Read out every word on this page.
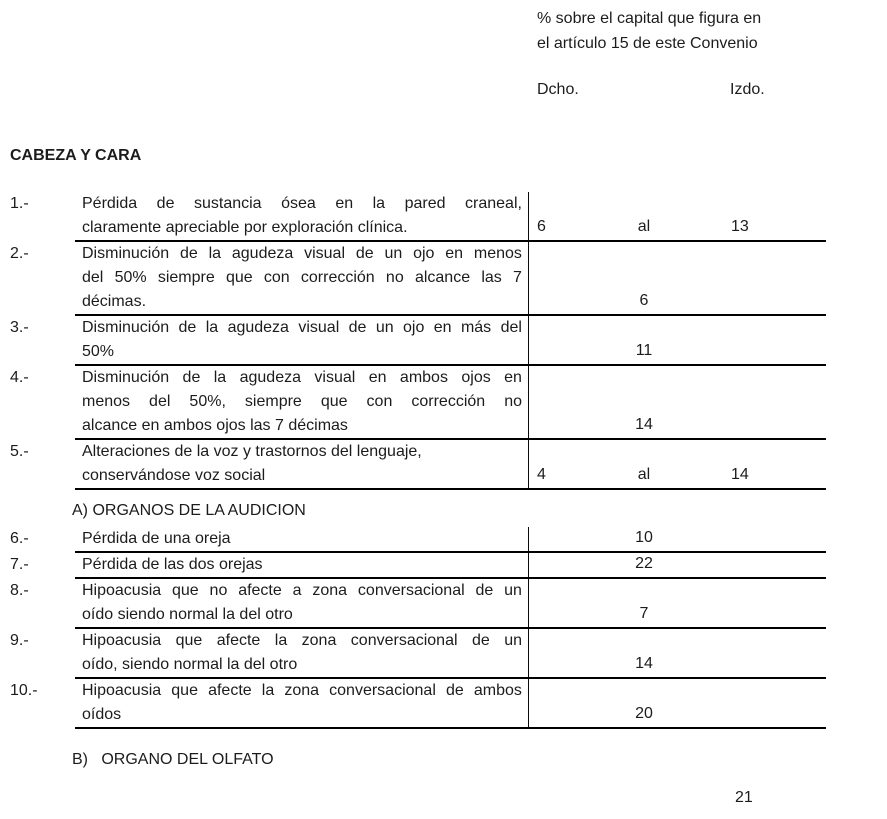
% sobre el capital que figura en
el artículo 15 de este Convenio
Dcho.	Izdo.
CABEZA Y CARA
1.-	Pérdida de sustancia ósea en la pared craneal,
claramente apreciable por exploración clínica.	6	al	13
2.-	Disminución de la agudeza visual de un ojo en menos
del 50% siempre que con corrección no alcance las 7
décimas.	6
3.-	Disminución de la agudeza visual de un ojo en más del
50%	11
4.-	Disminución de la agudeza visual en ambos ojos en
menos del 50%, siempre que con corrección no
alcance en ambos ojos las 7 décimas	14
5.-	Alteraciones de la voz y trastornos del lenguaje,
conservándose voz social	4	al	14
A) ORGANOS DE LA AUDICION
6.-	Pérdida de una oreja	10
7.-	Pérdida de las dos orejas	22
8.-	Hipoacusia que no afecte a zona conversacional de un
oído siendo normal la del otro	7
9.-	Hipoacusia que afecte la zona conversacional de un
oído, siendo normal la del otro	14
10.-	Hipoacusia que afecte la zona conversacional de ambos
oídos	20
B)   ORGANO DEL OLFATO
21
